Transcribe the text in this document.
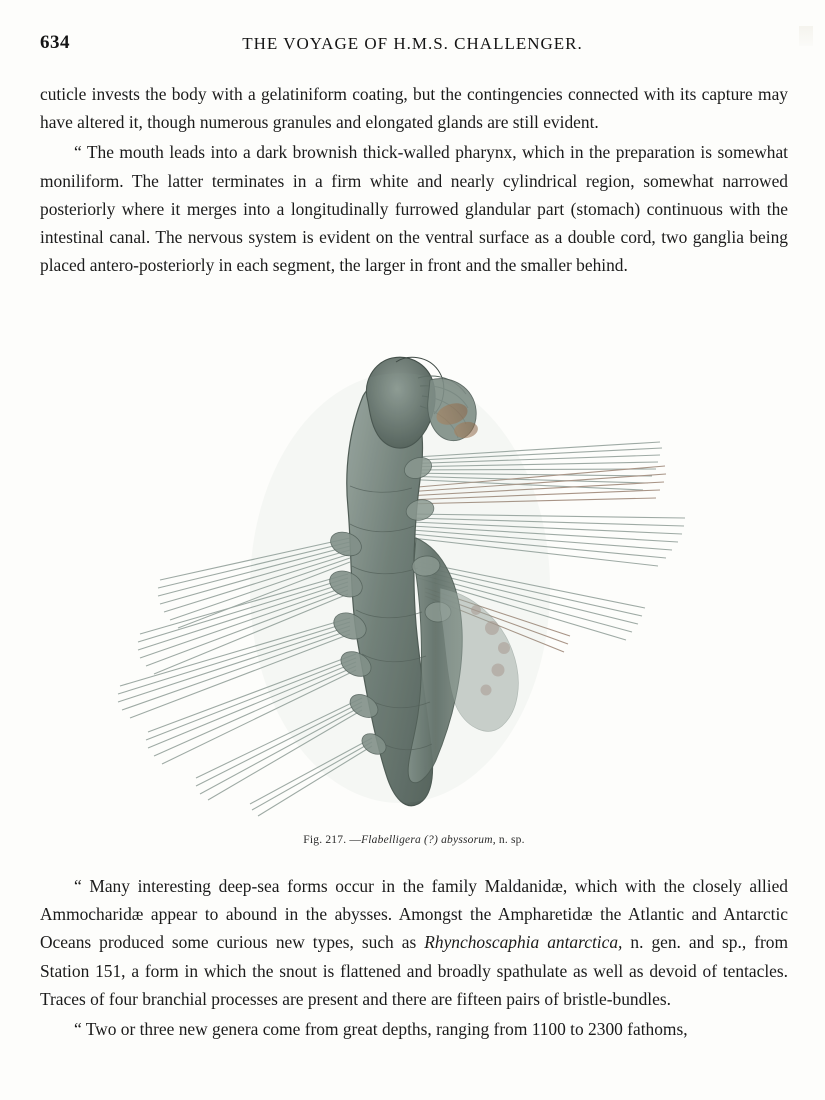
634	THE VOYAGE OF H.M.S. CHALLENGER.

cuticle invests the body with a gelatiniform coating, but the contingencies connected with its capture may have altered it, though numerous granules and elongated glands are still evident.

“ The mouth leads into a dark brownish thick-walled pharynx, which in the preparation is somewhat moniliform. The latter terminates in a firm white and nearly cylindrical region, somewhat narrowed posteriorly where it merges into a longitudinally furrowed glandular part (stomach) continuous with the intestinal canal. The nervous system is evident on the ventral surface as a double cord, two ganglia being placed antero-posteriorly in each segment, the larger in front and the smaller behind.

Fig. 217. —Flabelligera (?) abyssorum, n. sp.

“ Many interesting deep-sea forms occur in the family Maldanidæ, which with the closely allied Ammocharidæ appear to abound in the abysses. Amongst the Ampharetidæ the Atlantic and Antarctic Oceans produced some curious new types, such as Rhynchoscaphia antarctica, n. gen. and sp., from Station 151, a form in which the snout is flattened and broadly spathulate as well as devoid of tentacles. Traces of four branchial processes are present and there are fifteen pairs of bristle-bundles.

“ Two or three new genera come from great depths, ranging from 1100 to 2300 fathoms,
